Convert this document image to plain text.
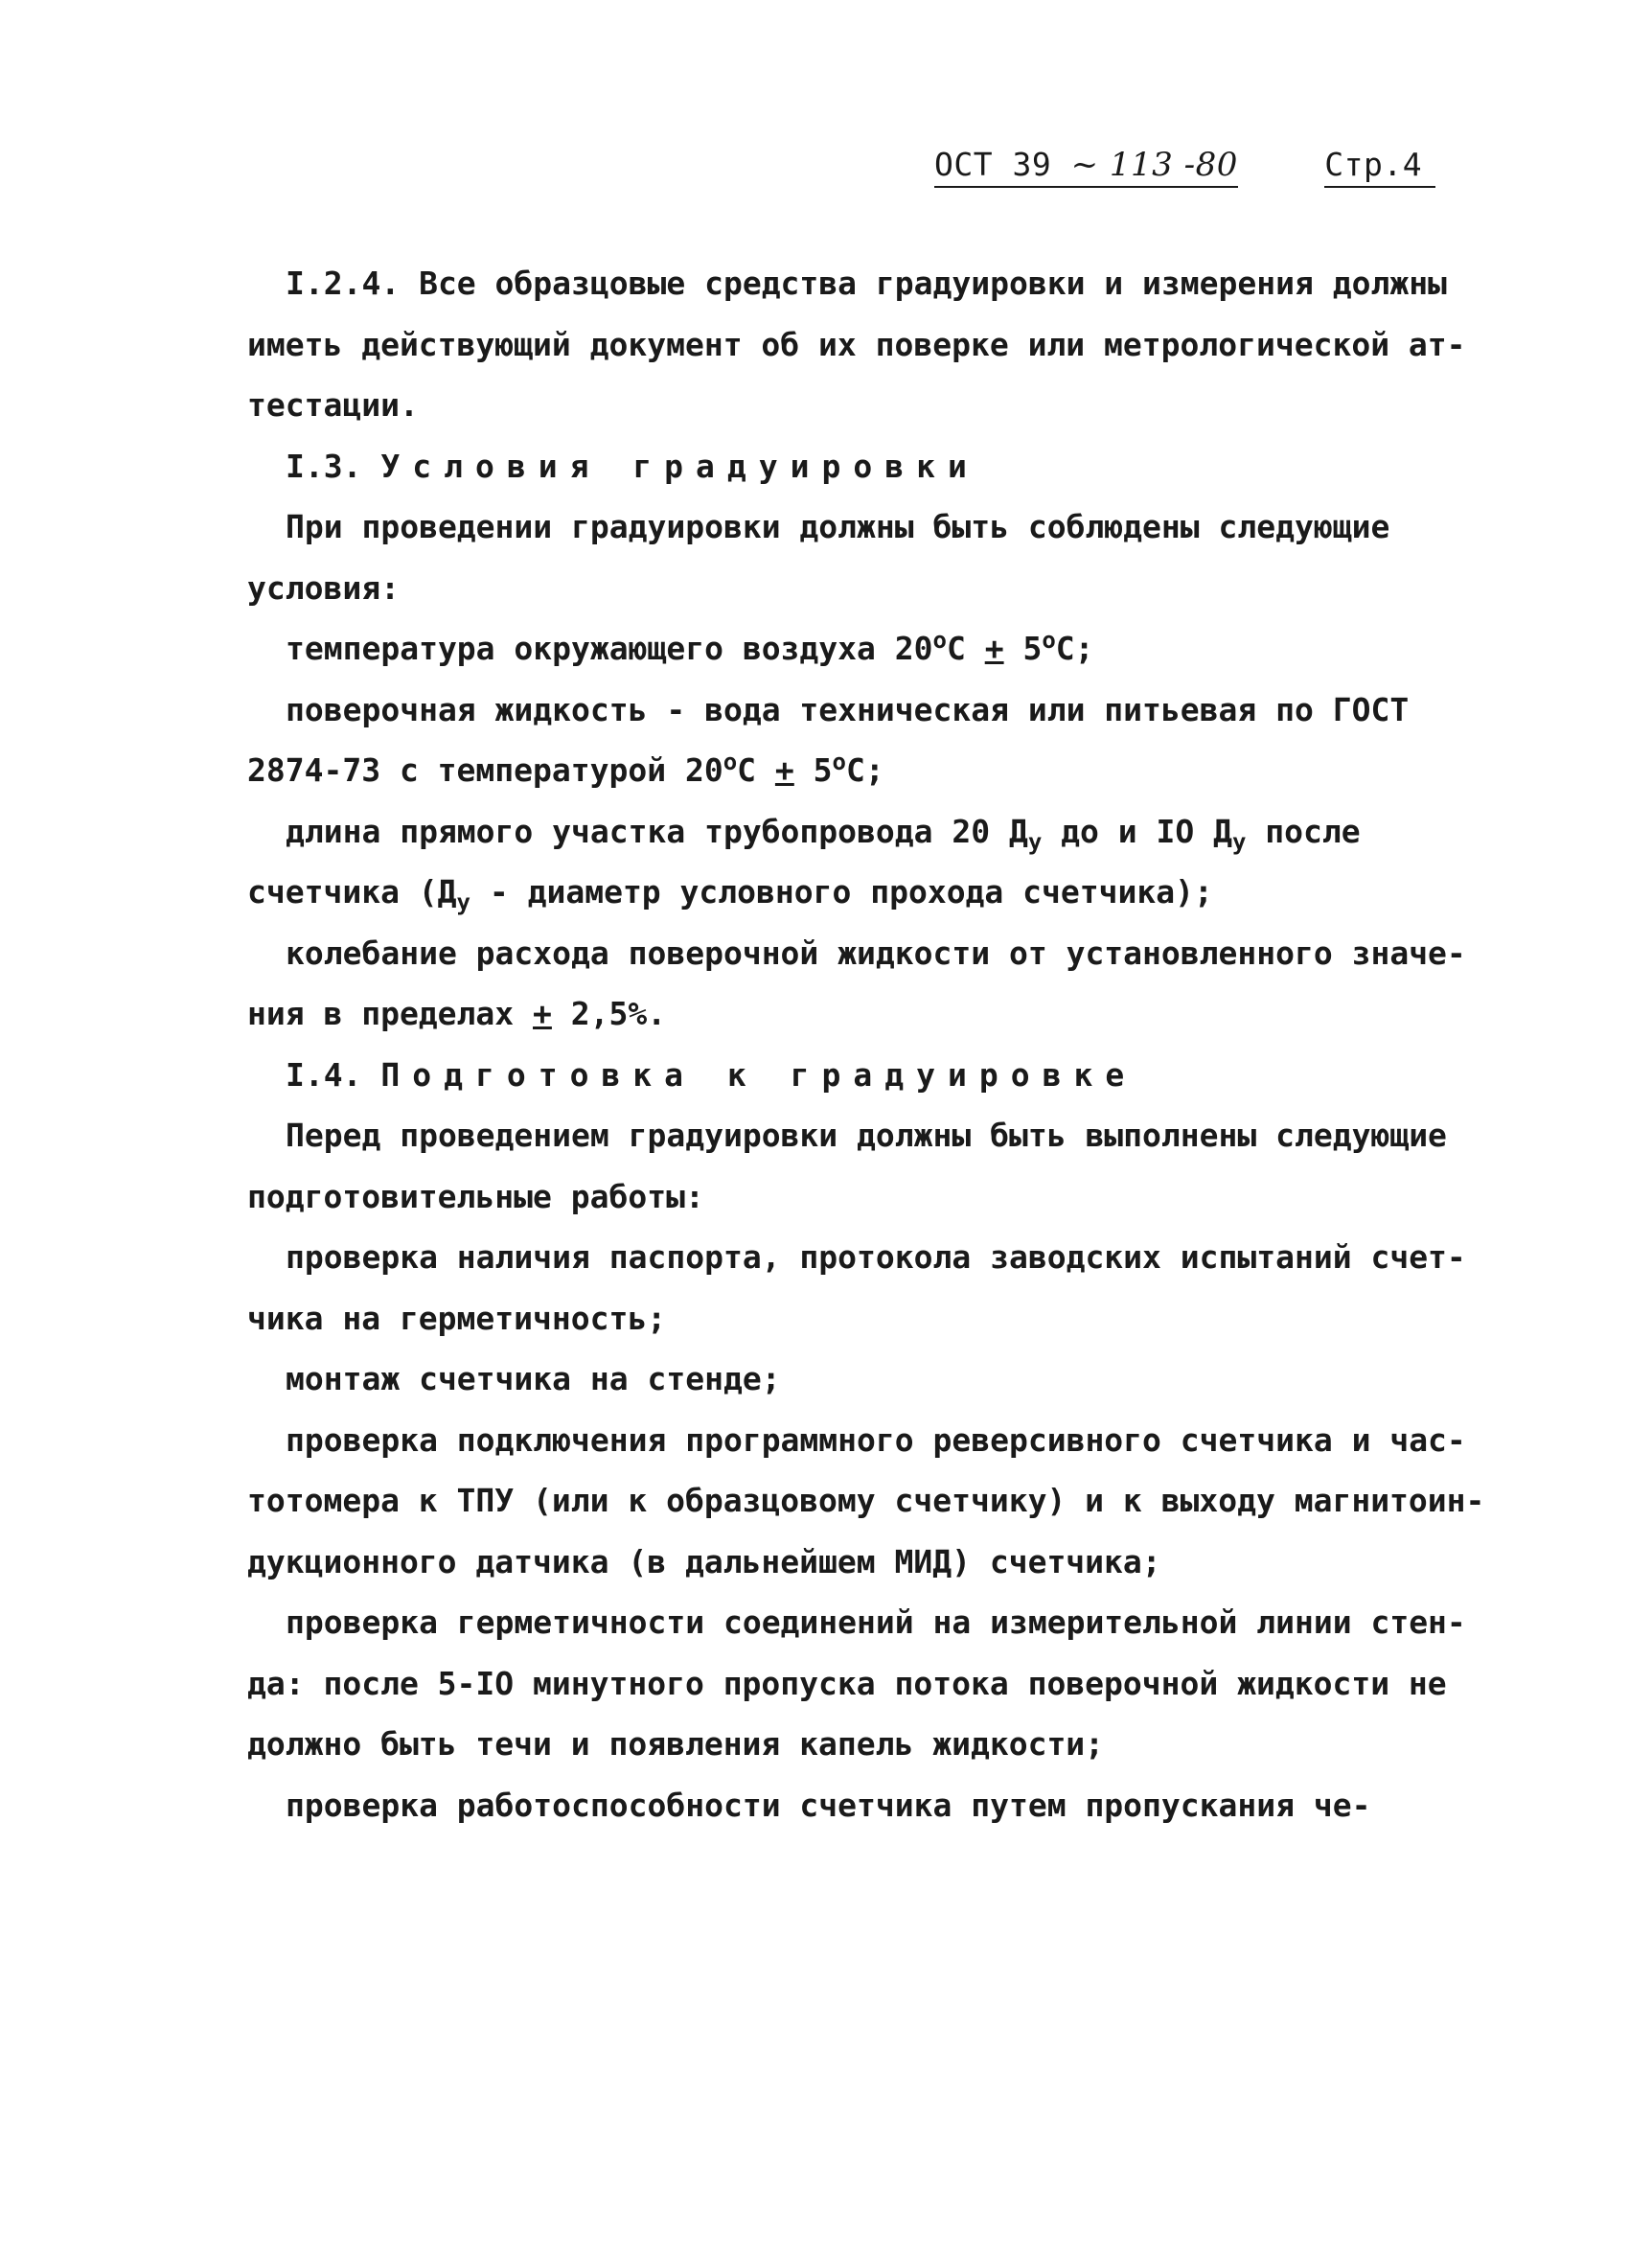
ОСТ 39 ~ 113 -80	Стр.4
I.2.4. Все образцовые средства градуировки и измерения должны
иметь действующий документ об их поверке или метрологической ат-
тестации.
I.3. Условия градуировки
При проведении градуировки должны быть соблюдены следующие
условия:
температура окружающего воздуха $20^оС + 5^оС$;
поверочная жидкость - вода техническая или питьевая по ГОСТ
2874-73 с температурой $20^оС + 5^оС$;
длина прямого участка трубопровода 20 $Д_у$ до и IO $Д_у$ после
счетчика ($Д_у$ - диаметр условного прохода счетчика);
колебание расхода поверочной жидкости от установленного значе-
ния в пределах + 2,5%.
I.4. Подготовка к градуировке
Перед проведением градуировки должны быть выполнены следующие
подготовительные работы:
проверка наличия паспорта, протокола заводских испытаний счет-
чика на герметичность;
монтаж счетчика на стенде;
проверка подключения программного реверсивного счетчика и час-
тотомера к ТПУ (или к образцовому счетчику) и к выходу магнитоин-
дукционного датчика (в дальнейшем МИД) счетчика;
проверка герметичности соединений на измерительной линии стен-
да: после 5-IO минутного пропуска потока поверочной жидкости не
должно быть течи и появления капель жидкости;
проверка работоспособности счетчика путем пропускания че-
